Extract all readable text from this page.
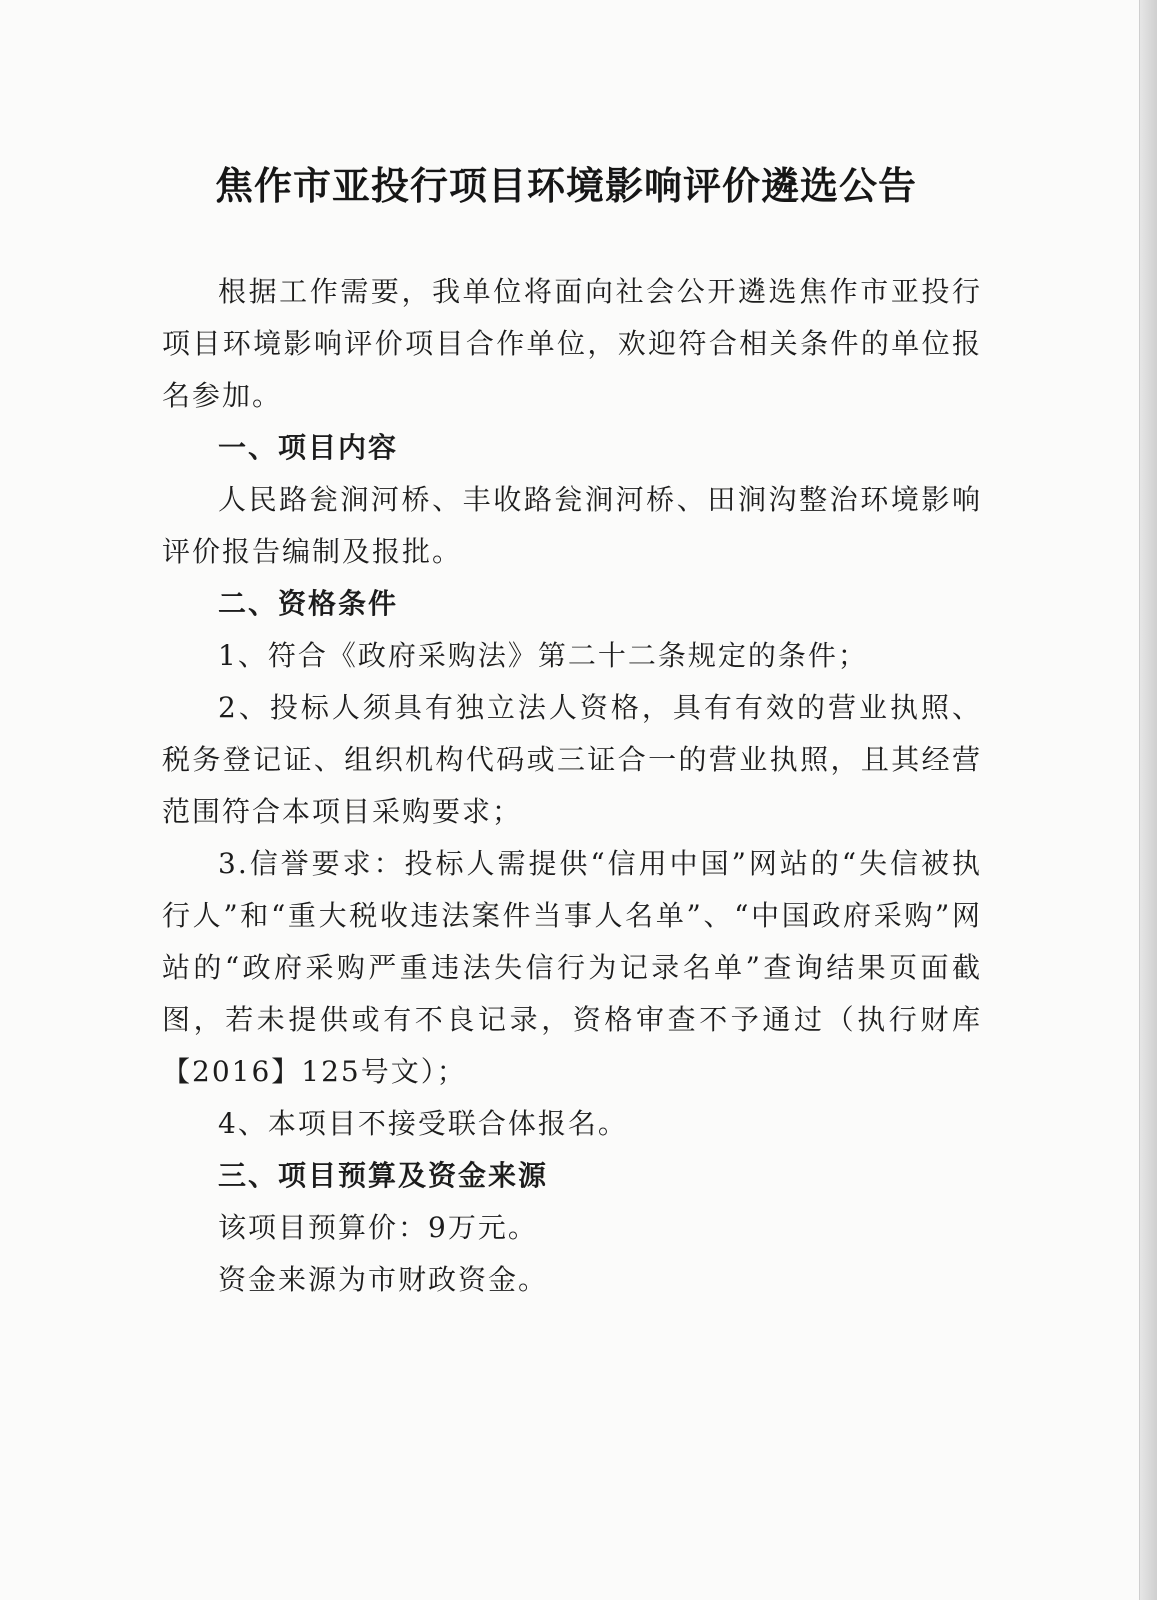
焦作市亚投行项目环境影响评价遴选公告

根据工作需要，我单位将面向社会公开遴选焦作市亚投行项目环境影响评价项目合作单位，欢迎符合相关条件的单位报名参加。

一、项目内容

人民路瓮涧河桥、丰收路瓮涧河桥、田涧沟整治环境影响评价报告编制及报批。

二、资格条件

1、符合《政府采购法》第二十二条规定的条件；

2、投标人须具有独立法人资格，具有有效的营业执照、税务登记证、组织机构代码或三证合一的营业执照，且其经营范围符合本项目采购要求；

3.信誉要求：投标人需提供“信用中国”网站的“失信被执行人”和“重大税收违法案件当事人名单”、“中国政府采购”网站的“政府采购严重违法失信行为记录名单”查询结果页面截图，若未提供或有不良记录，资格审查不予通过（执行财库【2016】125号文）；

4、本项目不接受联合体报名。

三、项目预算及资金来源

该项目预算价：9万元。

资金来源为市财政资金。
